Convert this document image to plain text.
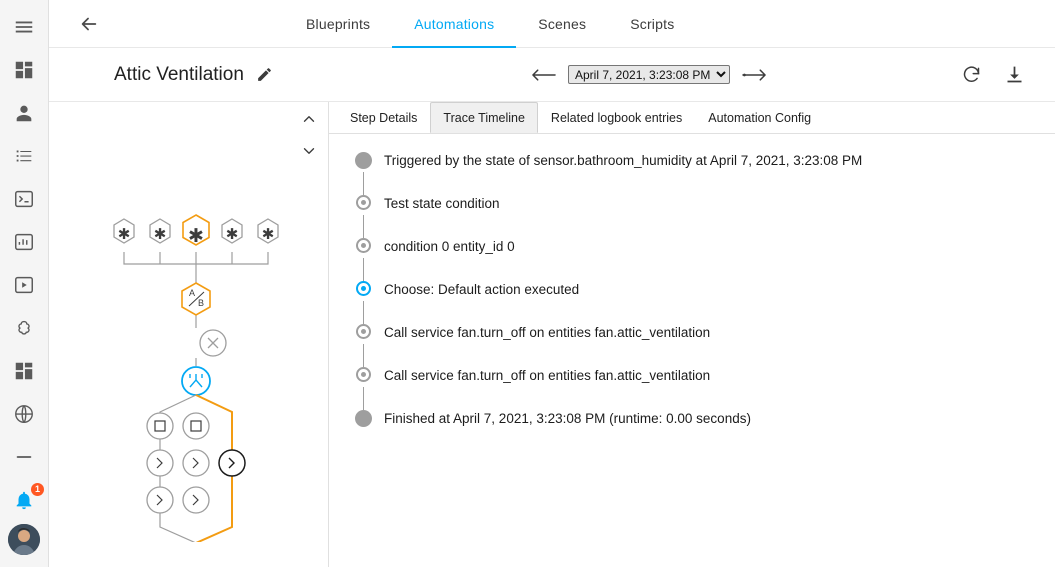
1
Blueprints	Automations	Scenes	Scripts
Attic Ventilation
April 7, 2021, 3:23:08 PM
✱ ✱	✱ ✱
✱
A
B
Step Details	Trace Timeline	Related logbook entries	Automation Config
Triggered by the state of sensor.bathroom_humidity at April 7, 2021, 3:23:08 PM
Test state condition
condition 0 entity_id 0
Choose: Default action executed
Call service fan.turn_off on entities fan.attic_ventilation
Call service fan.turn_off on entities fan.attic_ventilation
Finished at April 7, 2021, 3:23:08 PM (runtime: 0.00 seconds)
